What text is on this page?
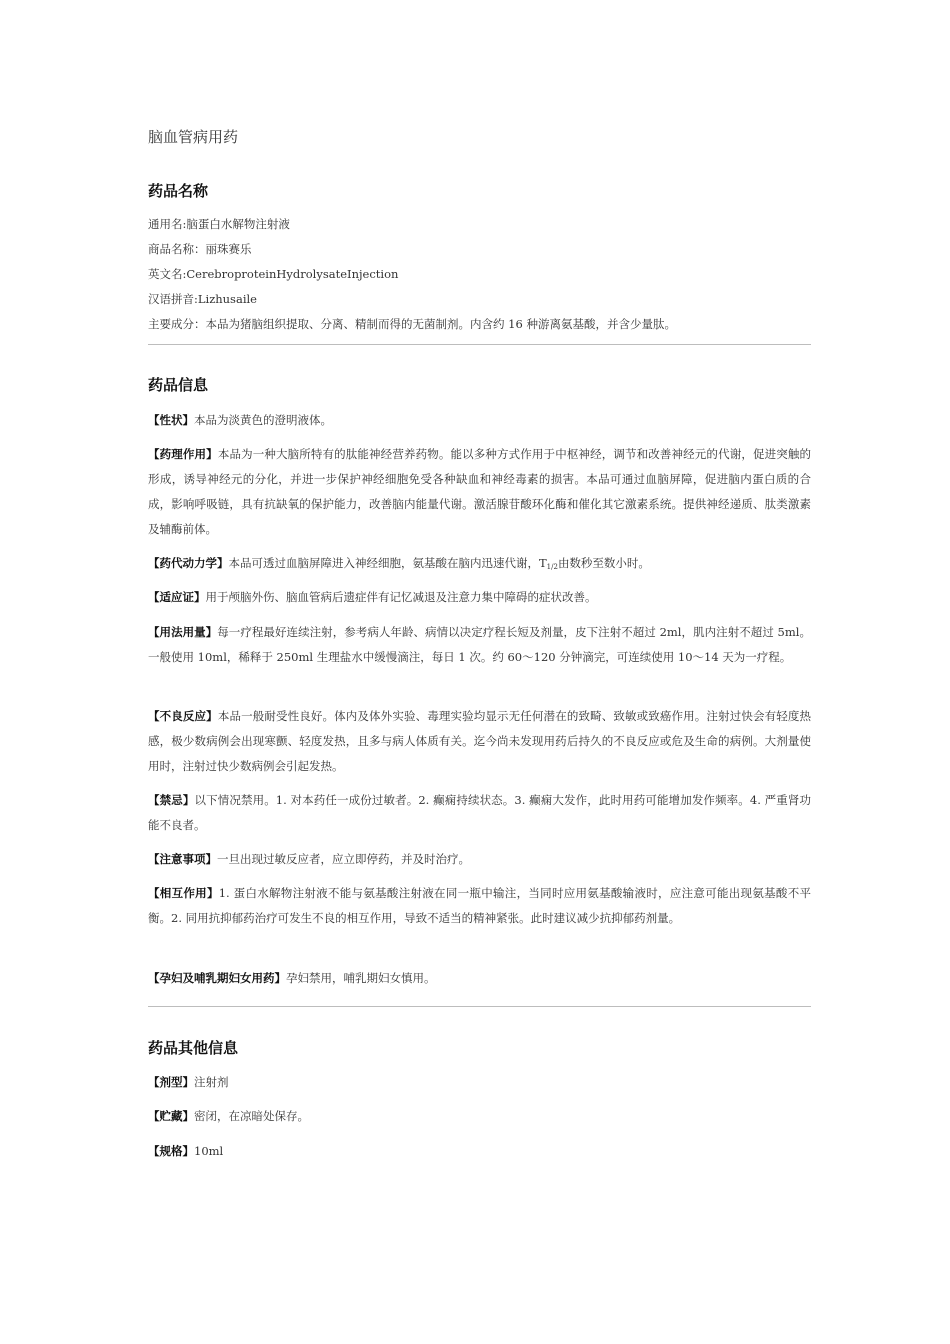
脑血管病用药
药品名称
通用名:脑蛋白水解物注射液
商品名称：丽珠赛乐
英文名:CerebroproteinHydrolysateInjection
汉语拼音:Lizhusaile
主要成分：本品为猪脑组织提取、分离、精制而得的无菌制剂。内含约 16 种游离氨基酸，并含少量肽。
药品信息

【性状】本品为淡黄色的澄明液体。

【药理作用】本品为一种大脑所特有的肽能神经营养药物。能以多种方式作用于中枢神经，调节和改善神经元的代谢，促进突触的形成，诱导神经元的分化，并进一步保护神经细胞免受各种缺血和神经毒素的损害。本品可通过血脑屏障，促进脑内蛋白质的合成，影响呼吸链，具有抗缺氧的保护能力，改善脑内能量代谢。激活腺苷酸环化酶和催化其它激素系统。提供神经递质、肽类激素及辅酶前体。

【药代动力学】本品可透过血脑屏障进入神经细胞，氨基酸在脑内迅速代谢，$T_{1/2}$由数秒至数小时。

【适应证】用于颅脑外伤、脑血管病后遗症伴有记忆减退及注意力集中障碍的症状改善。

【用法用量】每一疗程最好连续注射，参考病人年龄、病情以决定疗程长短及剂量，皮下注射不超过 2ml，肌内注射不超过 5ml。一般使用 10ml，稀释于 250ml 生理盐水中缓慢滴注，每日 1 次。约 60～120 分钟滴完，可连续使用 10～14 天为一疗程。

【不良反应】本品一般耐受性良好。体内及体外实验、毒理实验均显示无任何潜在的致畸、致敏或致癌作用。注射过快会有轻度热感，极少数病例会出现寒颤、轻度发热，且多与病人体质有关。迄今尚未发现用药后持久的不良反应或危及生命的病例。大剂量使用时，注射过快少数病例会引起发热。

【禁忌】以下情况禁用。1. 对本药任一成份过敏者。2. 癫痫持续状态。3. 癫痫大发作，此时用药可能增加发作频率。4. 严重肾功能不良者。

【注意事项】一旦出现过敏反应者，应立即停药，并及时治疗。

【相互作用】1. 蛋白水解物注射液不能与氨基酸注射液在同一瓶中输注，当同时应用氨基酸输液时，应注意可能出现氨基酸不平衡。2. 同用抗抑郁药治疗可发生不良的相互作用，导致不适当的精神紧张。此时建议减少抗抑郁药剂量。

【孕妇及哺乳期妇女用药】孕妇禁用，哺乳期妇女慎用。

药品其他信息

【剂型】注射剂

【贮藏】密闭，在凉暗处保存。

【规格】10ml
